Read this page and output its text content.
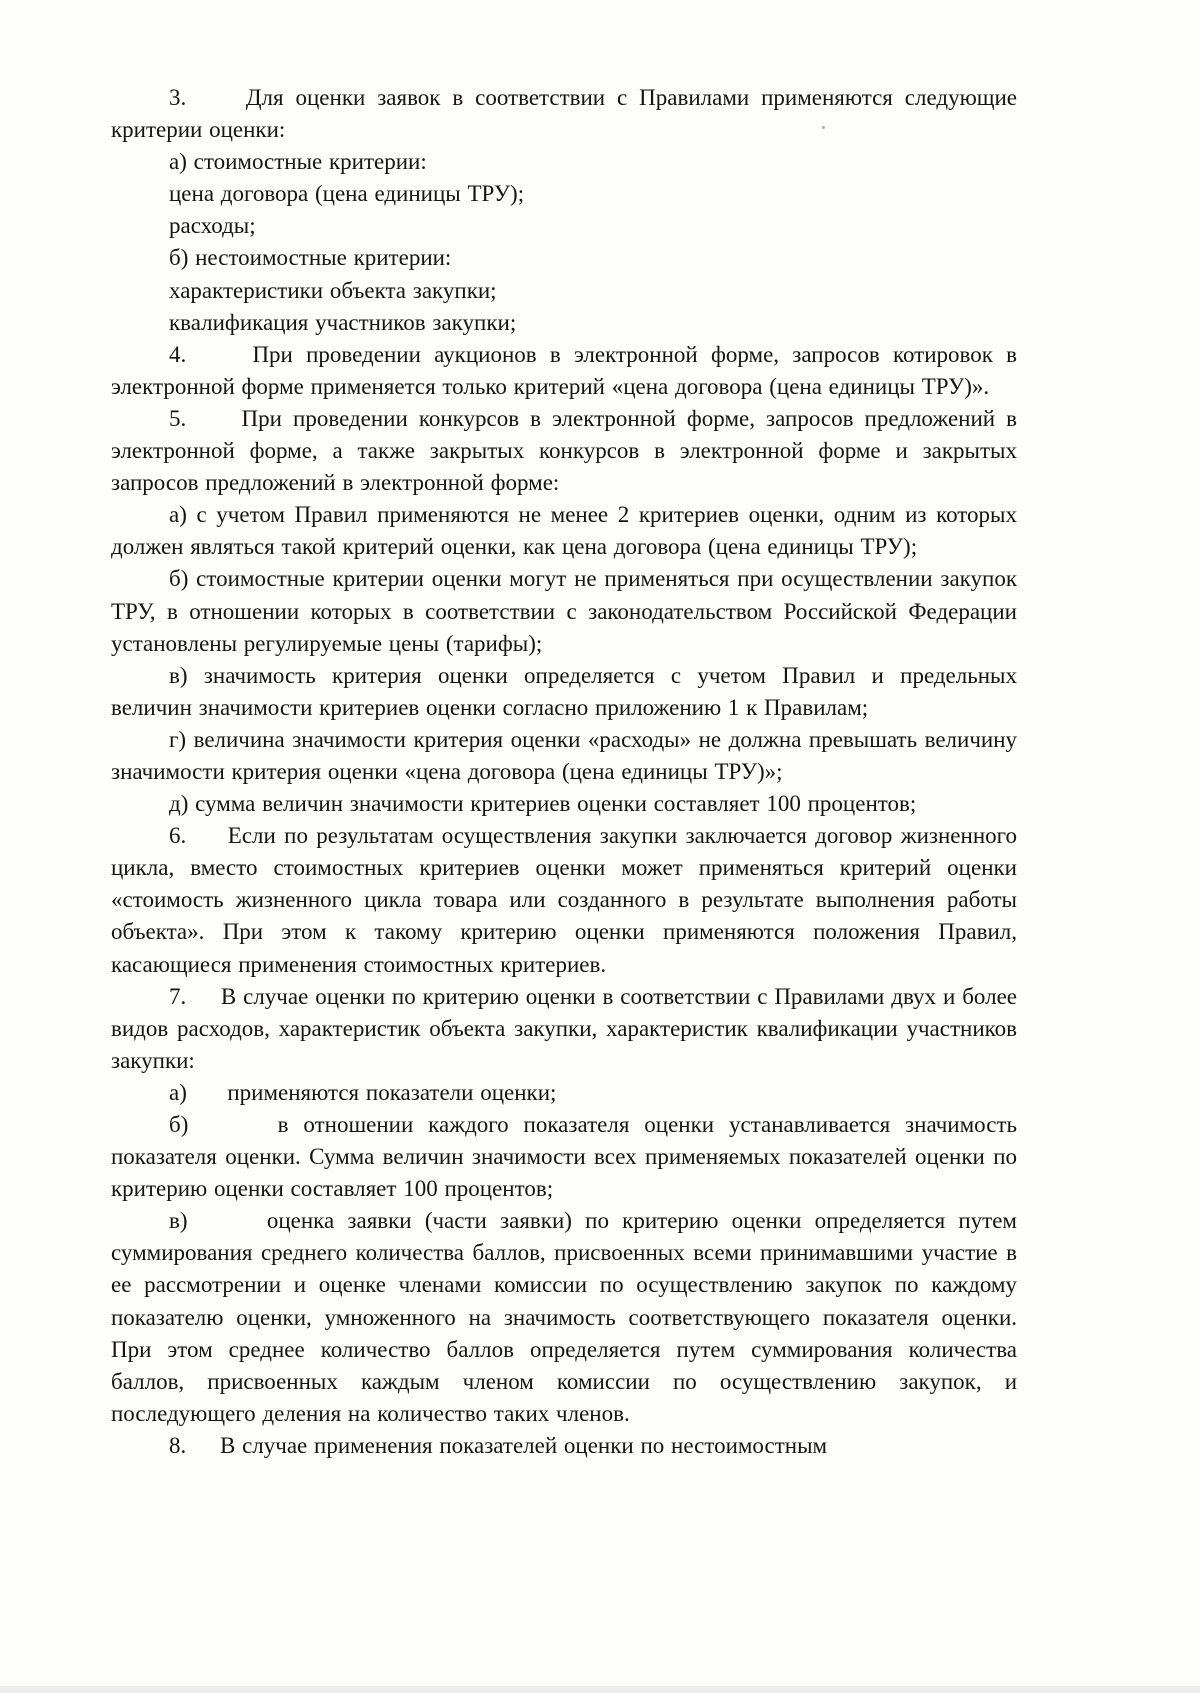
3.     Для оценки заявок в соответствии с Правилами применяются следующие критерии оценки:

а) стоимостные критерии:

цена договора (цена единицы ТРУ);

расходы;

б) нестоимостные критерии:

характеристики объекта закупки;

квалификация участников закупки;

4.     При проведении аукционов в электронной форме, запросов котировок в электронной форме применяется только критерий «цена договора (цена единицы ТРУ)».

5.     При проведении конкурсов в электронной форме, запросов предложений в электронной форме, а также закрытых конкурсов в электронной форме и закрытых запросов предложений в электронной форме:

а) с учетом Правил применяются не менее 2 критериев оценки, одним из которых должен являться такой критерий оценки, как цена договора (цена единицы ТРУ);

б) стоимостные критерии оценки могут не применяться при осуществлении закупок ТРУ, в отношении которых в соответствии с законодательством Российской Федерации установлены регулируемые цены (тарифы);

в) значимость критерия оценки определяется с учетом Правил и предельных величин значимости критериев оценки согласно приложению 1 к Правилам;

г) величина значимости критерия оценки «расходы» не должна превышать величину значимости критерия оценки «цена договора (цена единицы ТРУ)»;

д) сумма величин значимости критериев оценки составляет 100 процентов;

6.     Если по результатам осуществления закупки заключается договор жизненного цикла, вместо стоимостных критериев оценки может применяться критерий оценки «стоимость жизненного цикла товара или созданного в результате выполнения работы объекта». При этом к такому критерию оценки применяются положения Правил, касающиеся применения стоимостных критериев.

7.     В случае оценки по критерию оценки в соответствии с Правилами двух и более видов расходов, характеристик объекта закупки, характеристик квалификации участников закупки:

а)      применяются показатели оценки;

б)      в отношении каждого показателя оценки устанавливается значимость показателя оценки. Сумма величин значимости всех применяемых показателей оценки по критерию оценки составляет 100 процентов;

в)      оценка заявки (части заявки) по критерию оценки определяется путем суммирования среднего количества баллов, присвоенных всеми принимавшими участие в ее рассмотрении и оценке членами комиссии по осуществлению закупок по каждому показателю оценки, умноженного на значимость соответствующего показателя оценки. При этом среднее количество баллов определяется путем суммирования количества баллов, присвоенных каждым членом комиссии по осуществлению закупок, и последующего деления на количество таких членов.

8.     В случае применения показателей оценки по нестоимостным
